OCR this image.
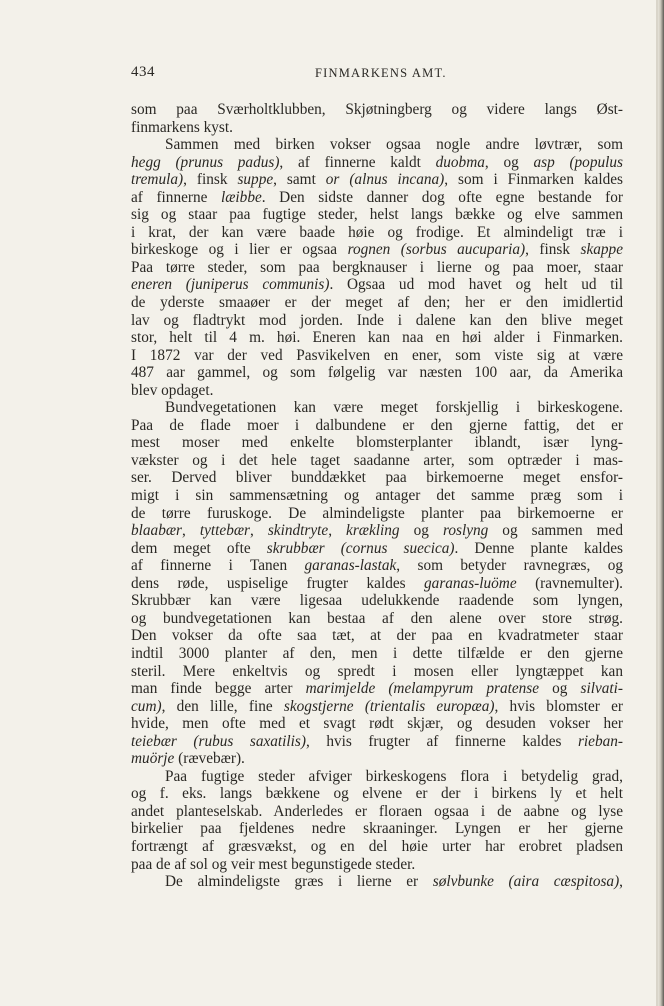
434	FINMARKENS AMT.
som paa Sværholtklubben, Skjøtningberg og videre langs Øst-
finmarkens kyst.
Sammen med birken vokser ogsaa nogle andre løvtrær, som
hegg (prunus padus), af finnerne kaldt duobma, og asp (populus
tremula), finsk suppe, samt or (alnus incana), som i Finmarken kaldes
af finnerne læibbe. Den sidste danner dog ofte egne bestande for
sig og staar paa fugtige steder, helst langs bække og elve sammen
i krat, der kan være baade høie og frodige. Et almindeligt træ i
birkeskoge og i lier er ogsaa rognen (sorbus aucuparia), finsk skappe
Paa tørre steder, som paa bergknauser i lierne og paa moer, staar
eneren (juniperus communis). Ogsaa ud mod havet og helt ud til
de yderste smaaøer er der meget af den; her er den imidlertid
lav og fladtrykt mod jorden. Inde i dalene kan den blive meget
stor, helt til 4 m. høi. Eneren kan naa en høi alder i Finmarken.
I 1872 var der ved Pasvikelven en ener, som viste sig at være
487 aar gammel, og som følgelig var næsten 100 aar, da Amerika
blev opdaget.
Bundvegetationen kan være meget forskjellig i birkeskogene.
Paa de flade moer i dalbundene er den gjerne fattig, det er
mest moser med enkelte blomsterplanter iblandt, især lyng-
vækster og i det hele taget saadanne arter, som optræder i mas-
ser. Derved bliver bunddækket paa birkemoerne meget ensfor-
migt i sin sammensætning og antager det samme præg som i
de tørre furuskoge. De almindeligste planter paa birkemoerne er
blaabær, tyttebær, skindtryte, krækling og roslyng og sammen med
dem meget ofte skrubbær (cornus suecica). Denne plante kaldes
af finnerne i Tanen garanas-lastak, som betyder ravnegræs, og
dens røde, uspiselige frugter kaldes garanas-luöme (ravnemulter).
Skrubbær kan være ligesaa udelukkende raadende som lyngen,
og bundvegetationen kan bestaa af den alene over store strøg.
Den vokser da ofte saa tæt, at der paa en kvadratmeter staar
indtil 3000 planter af den, men i dette tilfælde er den gjerne
steril. Mere enkeltvis og spredt i mosen eller lyngtæppet kan
man finde begge arter marimjelde (melampyrum pratense og silvati-
cum), den lille, fine skogstjerne (trientalis europæa), hvis blomster er
hvide, men ofte med et svagt rødt skjær, og desuden vokser her
teiebær (rubus saxatilis), hvis frugter af finnerne kaldes rieban-
muörje (rævebær).
Paa fugtige steder afviger birkeskogens flora i betydelig grad,
og f. eks. langs bækkene og elvene er der i birkens ly et helt
andet planteselskab. Anderledes er floraen ogsaa i de aabne og lyse
birkelier paa fjeldenes nedre skraaninger. Lyngen er her gjerne
fortrængt af græsvækst, og en del høie urter har erobret pladsen
paa de af sol og veir mest begunstigede steder.
De almindeligste græs i lierne er sølvbunke (aira cæspitosa),
